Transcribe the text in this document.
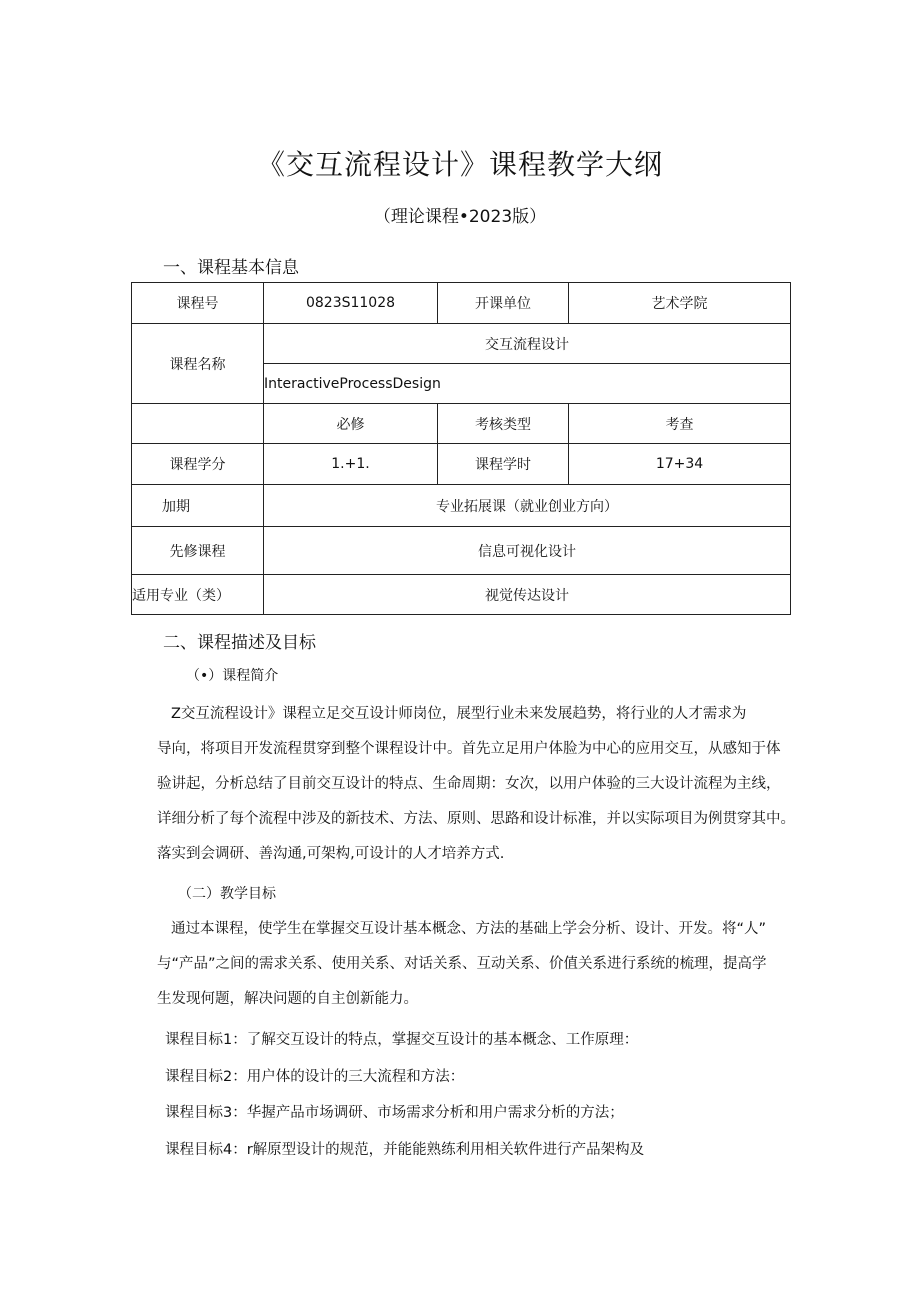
《交互流程设计》课程教学大纲
（理论课程•2023版）
一、课程基本信息
课程号	0823S11028	开课单位	艺术学院
课程名称	交互流程设计		
	InteractiveProcessDesign		
	必修	考核类型	考查
课程学分	1.+1.	课程学时	17+34
加期	专业拓展课（就业创业方向）		
先修课程	信息可视化设计		
适用专业（类）	视觉传达设计		
二、课程描述及目标
（•）课程简介
Z交互流程设计》课程立足交互设计师岗位，展型行业未来发展趋势，将行业的人才需求为
导向，将项目开发流程贯穿到整个课程设计中。首先立足用户体脸为中心的应用交互，从感知于体
验讲起，分析总结了目前交互设计的特点、生命周期：女次，以用户体验的三大设计流程为主线，
详细分析了每个流程中涉及的新技术、方法、原则、思路和设计标准，并以实际项目为例贯穿其中。
落实到会调研、善沟通,可架构,可设计的人才培养方式.
（二）教学目标
通过本课程，使学生在掌握交互设计基本概念、方法的基础上学会分析、设计、开发。将“人”
与“产品”之间的需求关系、使用关系、对话关系、互动关系、价值关系进行系统的梳理，提高学
生发现何题，解决问题的自主创新能力。
课程目标1：了解交互设计的特点，掌握交互设计的基本概念、工作原理：
课程目标2：用户体的设计的三大流程和方法：
课程目标3：华握产品市场调研、市场需求分析和用户需求分析的方法；
课程目标4：r解原型设计的规范，并能能熟练利用相关软件进行产品架构及
